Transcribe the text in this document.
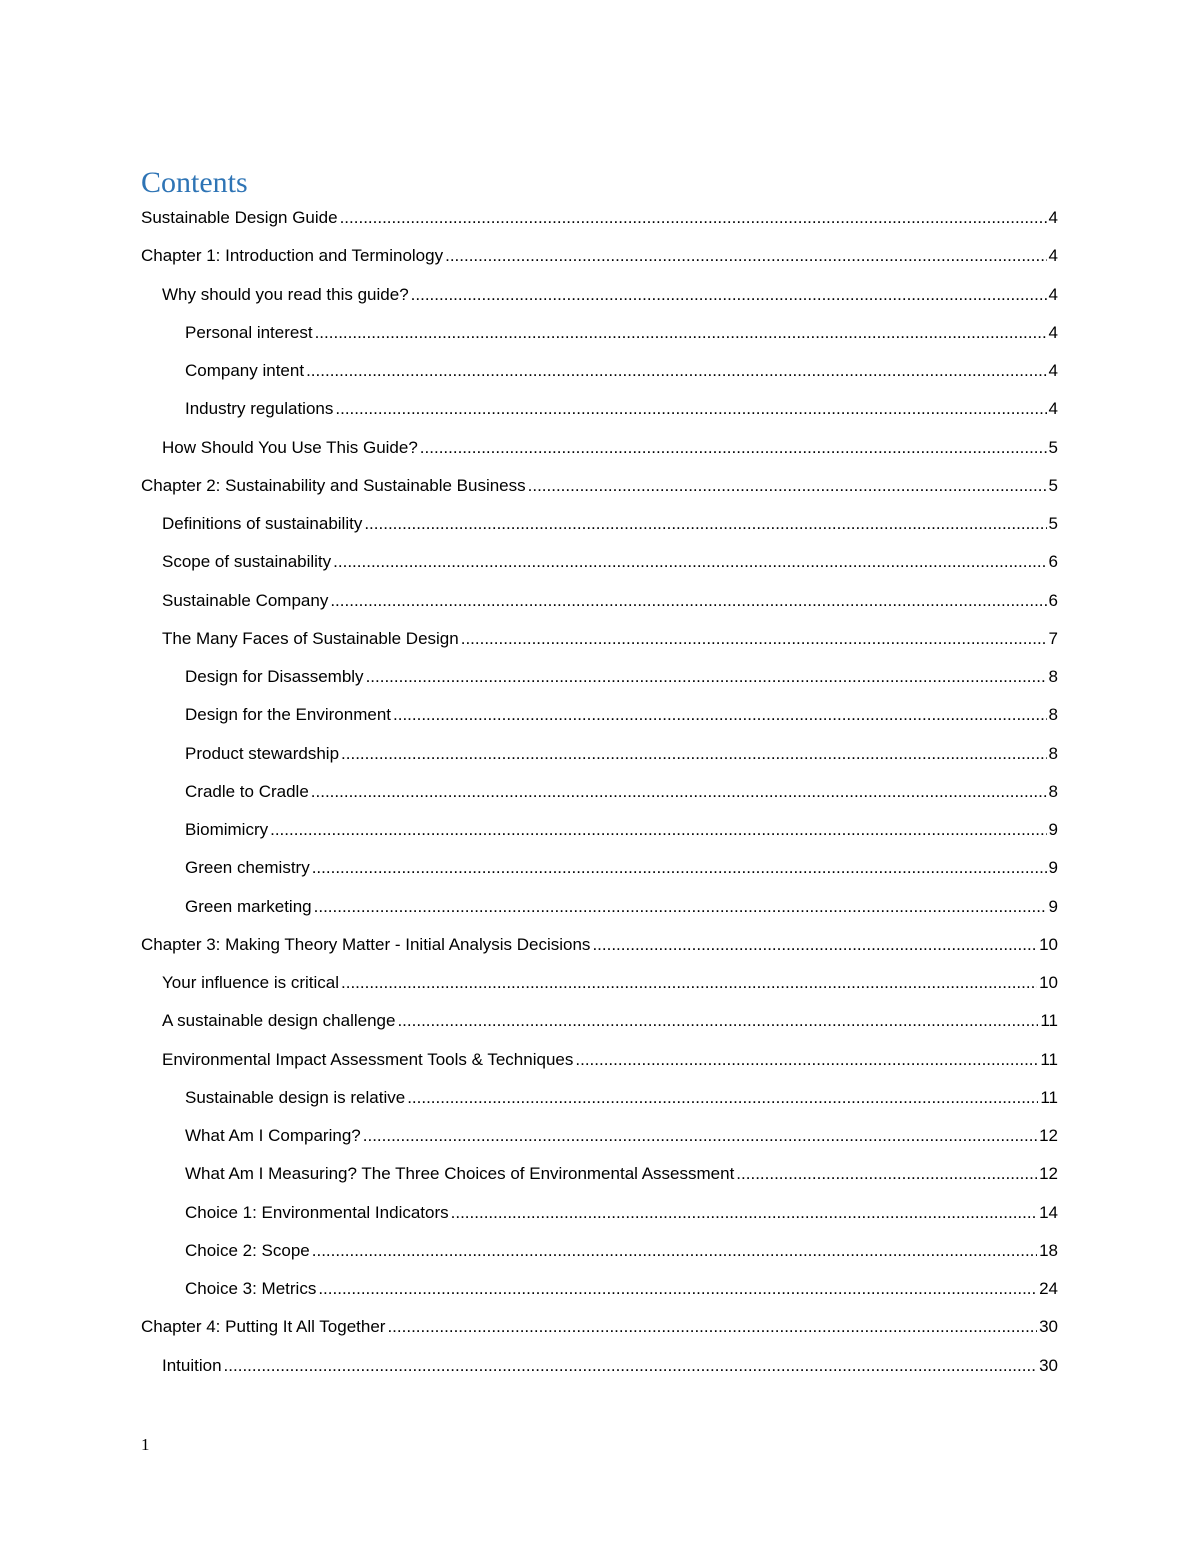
Contents
Sustainable Design Guide .....	4
Chapter 1: Introduction and Terminology .....	4
Why should you read this guide? .....	4
Personal interest .....	4
Company intent .....	4
Industry regulations .....	4
How Should You Use This Guide? .....	5
Chapter 2: Sustainability and Sustainable Business .....	5
Definitions of sustainability .....	5
Scope of sustainability .....	6
Sustainable Company .....	6
The Many Faces of Sustainable Design .....	7
Design for Disassembly .....	8
Design for the Environment .....	8
Product stewardship .....	8
Cradle to Cradle .....	8
Biomimicry .....	9
Green chemistry .....	9
Green marketing .....	9
Chapter 3: Making Theory Matter - Initial Analysis Decisions .....	10
Your influence is critical .....	10
A sustainable design challenge .....	11
Environmental Impact Assessment Tools & Techniques .....	11
Sustainable design is relative .....	11
What Am I Comparing? .....	12
What Am I Measuring? The Three Choices of Environmental Assessment .....	12
Choice 1: Environmental Indicators .....	14
Choice 2: Scope .....	18
Choice 3: Metrics .....	24
Chapter 4: Putting It All Together .....	30
Intuition .....	30
1
